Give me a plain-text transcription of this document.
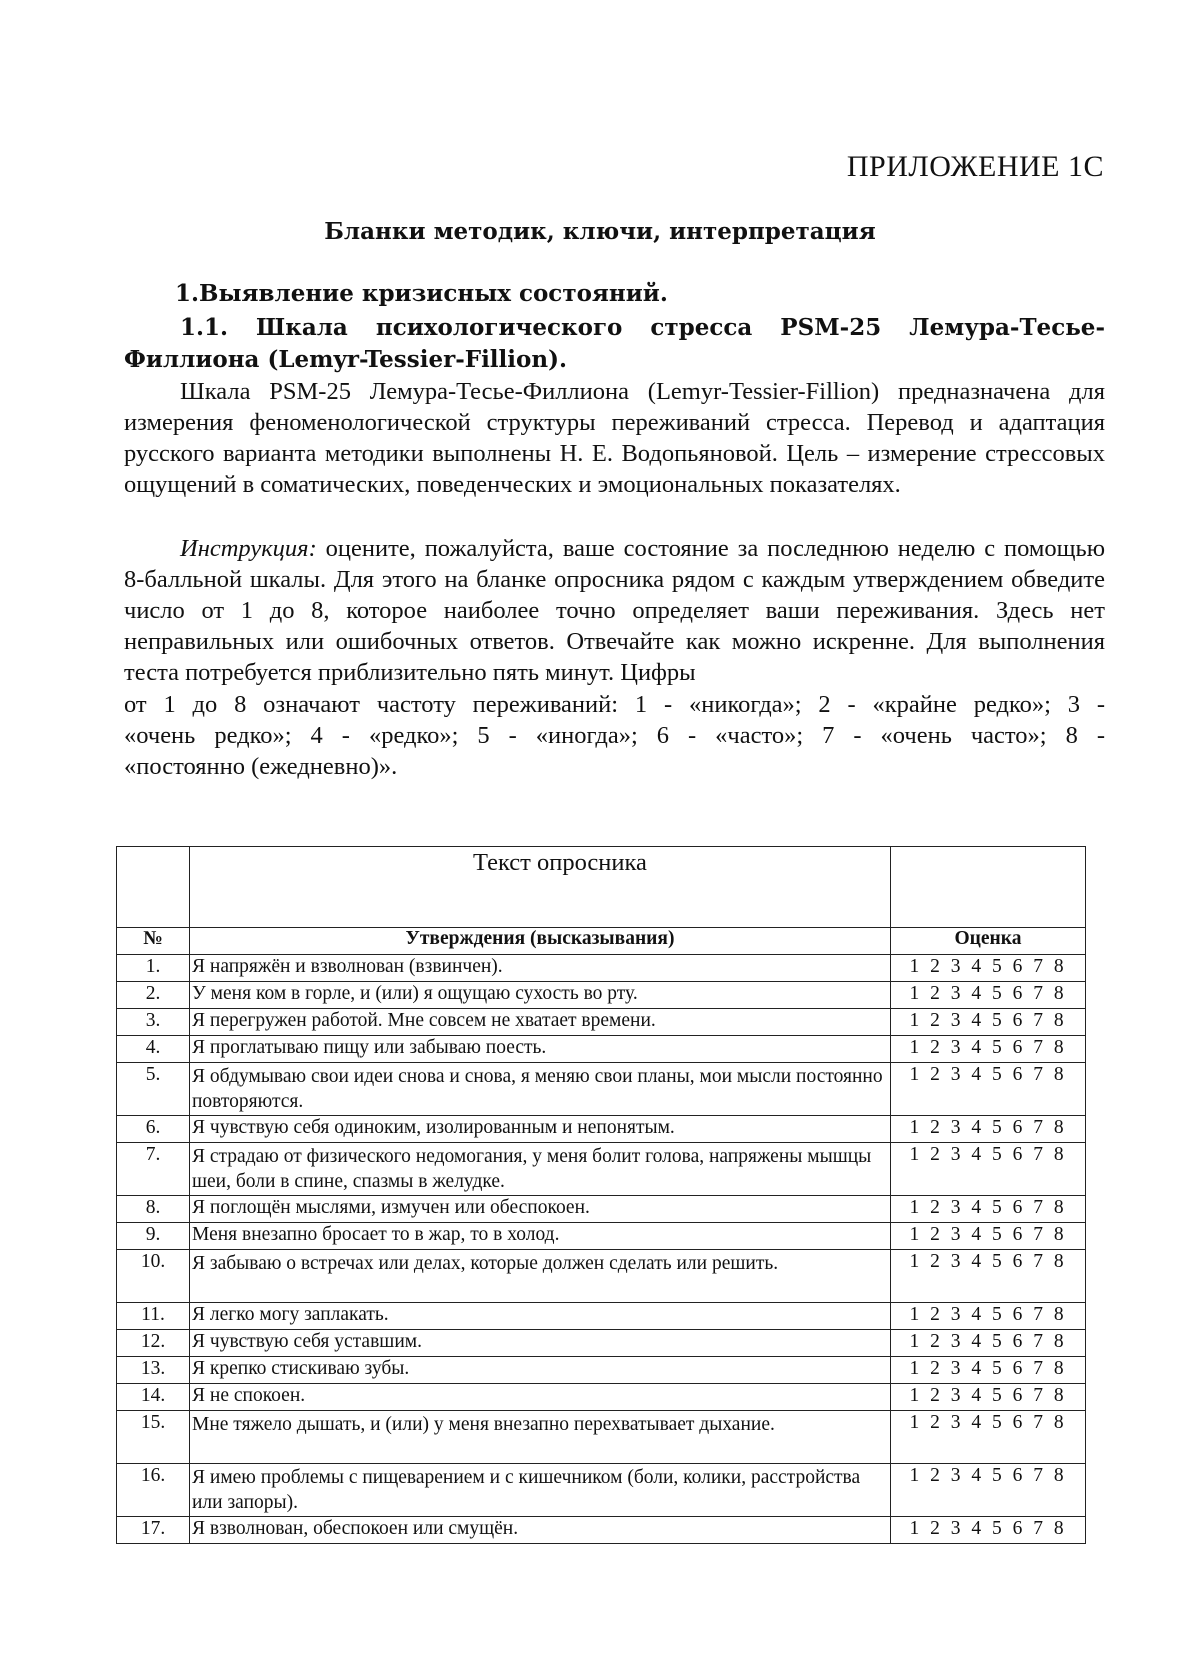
ПРИЛОЖЕНИЕ 1С
Бланки методик, ключи, интерпретация
1.Выявление кризисных состояний.
1.1. Шкала психологического стресса PSM-25 Лемура-Тесье-Филлиона (Lemyr-Tessier-Fillion).

Шкала PSM-25 Лемура-Тесье-Филлиона (Lemyr-Tessier-Fillion) предназначена для измерения феноменологической структуры переживаний стресса. Перевод и адаптация русского варианта методики выполнены Н. Е. Водопьяновой. Цель – измерение стрессовых ощущений в соматических, поведенческих и эмоциональных показателях.

Инструкция: оцените, пожалуйста, ваше состояние за последнюю неделю с помощью 8-балльной шкалы. Для этого на бланке опросника рядом с каждым утверждением обведите число от 1 до 8, которое наиболее точно определяет ваши переживания. Здесь нет неправильных или ошибочных ответов. Отвечайте как можно искренне. Для выполнения теста потребуется приблизительно пять минут. Цифры

от 1 до 8 означают частоту переживаний: 1 - «никогда»; 2 - «крайне редко»; 3 -
«очень редко»; 4 - «редко»; 5 - «иногда»; 6 - «часто»; 7 - «очень часто»; 8 -
«постоянно (ежедневно)».

	Текст опросника	

№	Утверждения (высказывания)	Оценка
1.	Я напряжён и взволнован (взвинчен).	1 2 3 4 5 6 7 8
2.	У меня ком в горле, и (или) я ощущаю сухость во рту.	1 2 3 4 5 6 7 8
3.	Я перегружен работой. Мне совсем не хватает времени.	1 2 3 4 5 6 7 8
4.	Я проглатываю пищу или забываю поесть.	1 2 3 4 5 6 7 8
5.	Я обдумываю свои идеи снова и снова, я меняю свои планы, мои мысли постоянно повторяются.	1 2 3 4 5 6 7 8
6.	Я чувствую себя одиноким, изолированным и непонятым.	1 2 3 4 5 6 7 8
7.	Я страдаю от физического недомогания, у меня болит голова, напряжены мышцы шеи, боли в спине, спазмы в желудке.	1 2 3 4 5 6 7 8
8.	Я поглощён мыслями, измучен или обеспокоен.	1 2 3 4 5 6 7 8
9.	Меня внезапно бросает то в жар, то в холод.	1 2 3 4 5 6 7 8
10.	Я забываю о встречах или делах, которые должен сделать или решить.	1 2 3 4 5 6 7 8
11.	Я легко могу заплакать.	1 2 3 4 5 6 7 8
12.	Я чувствую себя уставшим.	1 2 3 4 5 6 7 8
13.	Я крепко стискиваю зубы.	1 2 3 4 5 6 7 8
14.	Я не спокоен.	1 2 3 4 5 6 7 8
15.	Мне тяжело дышать, и (или) у меня внезапно перехватывает дыхание.	1 2 3 4 5 6 7 8
16.	Я имею проблемы с пищеварением и с кишечником (боли, колики, расстройства или запоры).	1 2 3 4 5 6 7 8
17.	Я взволнован, обеспокоен или смущён.	1 2 3 4 5 6 7 8
